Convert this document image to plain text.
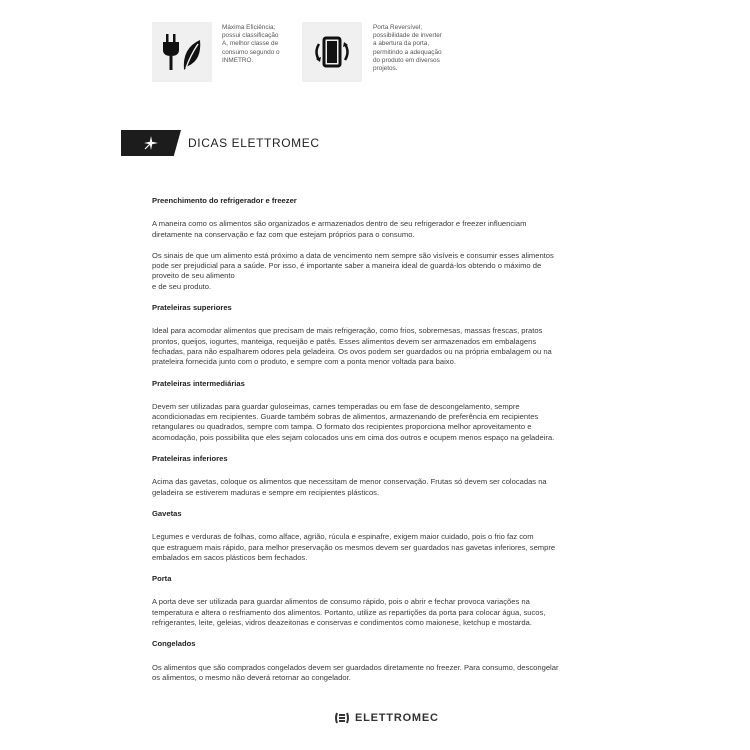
Máxima Eficiência;
possui classificação
A, melhor classe de
consumo segundo o
INMETRO.
Porta Reversível;
possibilidade de inverter
a abertura da porta,
permitindo a adequação
do produto em diversos
projetos.
DICAS ELETTROMEC
Preenchimento do refrigerador e freezer

A maneira como os alimentos são organizados e armazenados dentro de seu refrigerador e freezer influenciam
diretamente na conservação e faz com que estejam próprios para o consumo.

Os sinais de que um alimento está próximo a data de vencimento nem sempre são visíveis e consumir esses alimentos
pode ser prejudicial para a saúde. Por isso, é importante saber a maneira ideal de guardá-los obtendo o máximo de
proveito de seu alimento
e de seu produto.

Prateleiras superiores

Ideal para acomodar alimentos que precisam de mais refrigeração, como frios, sobremesas, massas frescas, pratos
prontos, queijos, iogurtes, manteiga, requeijão e patês. Esses alimentos devem ser armazenados em embalagens
fechadas, para não espalharem odores pela geladeira. Os ovos podem ser guardados ou na própria embalagem ou na
prateleira fornecida junto com o produto, e sempre com a ponta menor voltada para baixo.

Prateleiras intermediárias

Devem ser utilizadas para guardar guloseimas, carnes temperadas ou em fase de descongelamento, sempre
acondicionadas em recipientes. Guarde também sobras de alimentos, armazenando de preferência em recipientes
retangulares ou quadrados, sempre com tampa. O formato dos recipientes proporciona melhor aproveitamento e
acomodação, pois possibilita que eles sejam colocados uns em cima dos outros e ocupem menos espaço na geladeira.

Prateleiras inferiores

Acima das gavetas, coloque os alimentos que necessitam de menor conservação. Frutas só devem ser colocadas na
geladeira se estiverem maduras e sempre em recipientes plásticos.

Gavetas

Legumes e verduras de folhas, como alface, agrião, rúcula e espinafre, exigem maior cuidado, pois o frio faz com
que estraguem mais rápido, para melhor preservação os mesmos devem ser guardados nas gavetas inferiores, sempre
embalados em sacos plásticos bem fechados.

Porta

A porta deve ser utilizada para guardar alimentos de consumo rápido, pois o abrir e fechar provoca variações na
temperatura e altera o resfriamento dos alimentos. Portanto, utilize as repartições da porta para colocar água, sucos,
refrigerantes, leite, geleias, vidros deazeitonas e conservas e condimentos como maionese, ketchup e mostarda.

Congelados

Os alimentos que são comprados congelados devem ser guardados diretamente no freezer. Para consumo, descongelar
os alimentos, o mesmo não deverá retornar ao congelador.

ELETTROMEC
